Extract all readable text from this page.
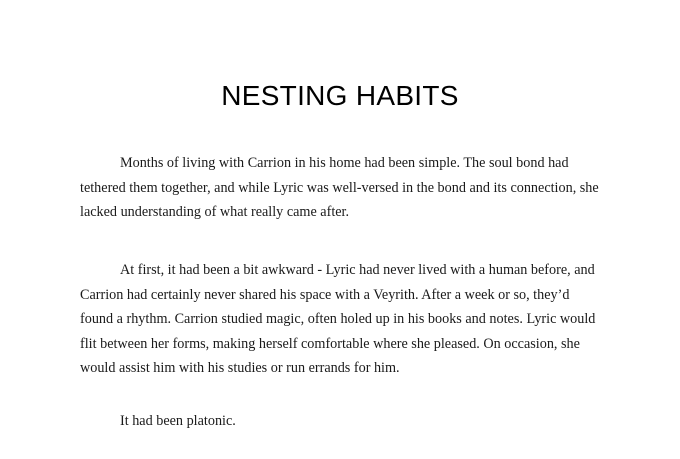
NESTING HABITS

Months of living with Carrion in his home had been simple. The soul bond had tethered them together, and while Lyric was well-versed in the bond and its connection, she lacked understanding of what really came after.

At first, it had been a bit awkward - Lyric had never lived with a human before, and Carrion had certainly never shared his space with a Veyrith. After a week or so, they’d found a rhythm. Carrion studied magic, often holed up in his books and notes. Lyric would flit between her forms, making herself comfortable where she pleased. On occasion, she would assist him with his studies or run errands for him.

It had been platonic.
